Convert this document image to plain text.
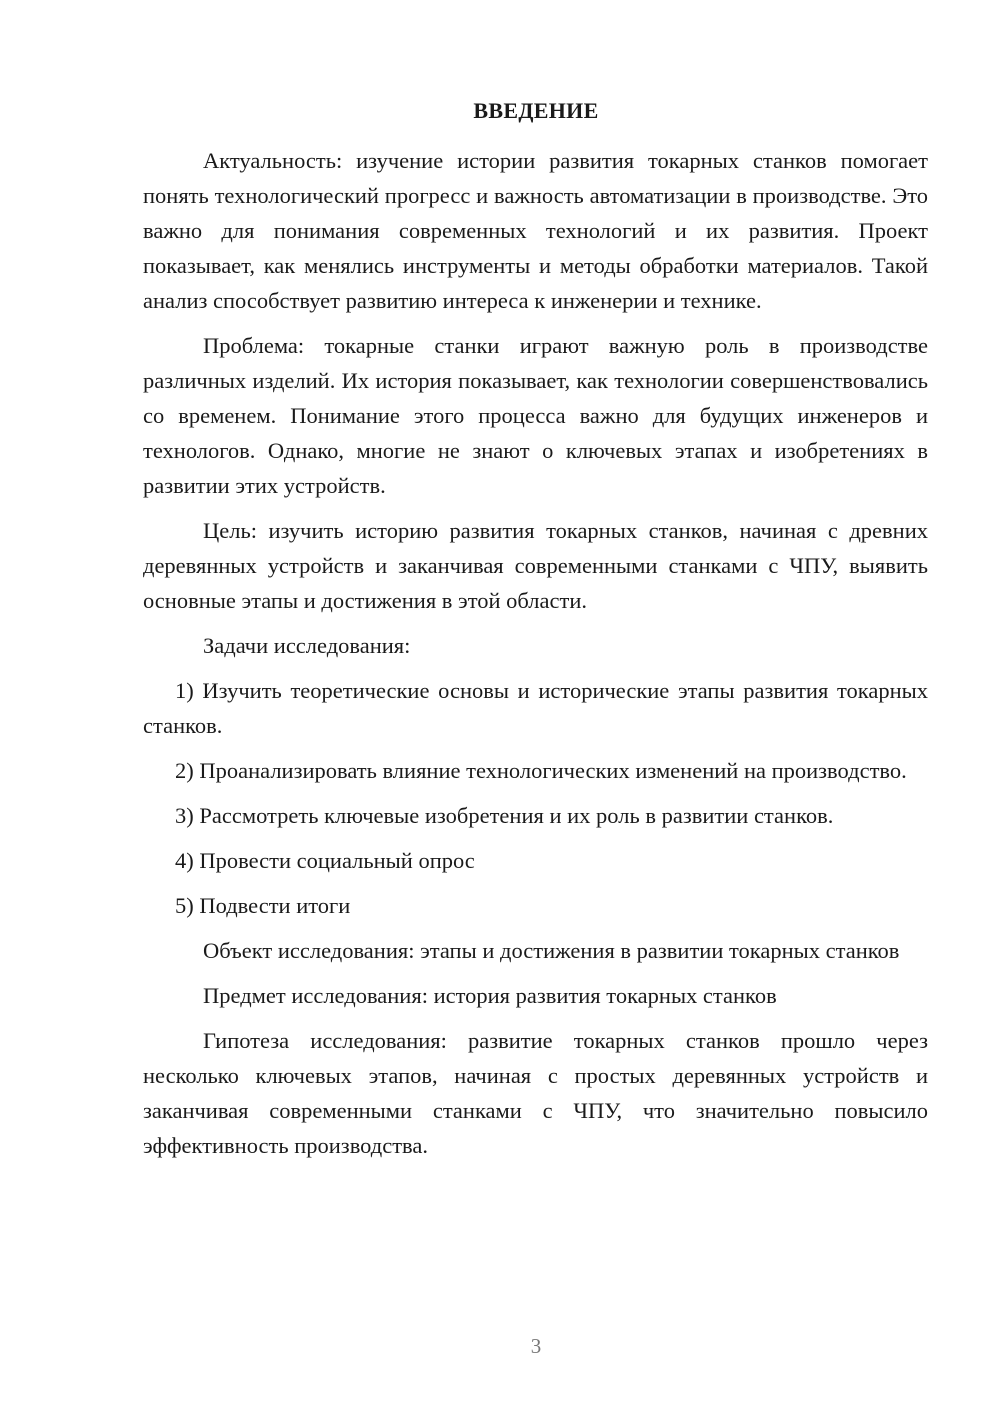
ВВЕДЕНИЕ

Актуальность: изучение истории развития токарных станков помогает понять технологический прогресс и важность автоматизации в производстве. Это важно для понимания современных технологий и их развития. Проект показывает, как менялись инструменты и методы обработки материалов. Такой анализ способствует развитию интереса к инженерии и технике.

Проблема: токарные станки играют важную роль в производстве различных изделий. Их история показывает, как технологии совершенствовались со временем. Понимание этого процесса важно для будущих инженеров и технологов. Однако, многие не знают о ключевых этапах и изобретениях в развитии этих устройств.

Цель: изучить историю развития токарных станков, начиная с древних деревянных устройств и заканчивая современными станками с ЧПУ, выявить основные этапы и достижения в этой области.

Задачи исследования:

1) Изучить теоретические основы и исторические этапы развития токарных станков.

2) Проанализировать влияние технологических изменений на производство.

3) Рассмотреть ключевые изобретения и их роль в развитии станков.

4) Провести социальный опрос

5) Подвести итоги

Объект исследования: этапы и достижения в развитии токарных станков

Предмет исследования: история развития токарных станков

Гипотеза исследования: развитие токарных станков прошло через несколько ключевых этапов, начиная с простых деревянных устройств и заканчивая современными станками с ЧПУ, что значительно повысило эффективность производства.

3
